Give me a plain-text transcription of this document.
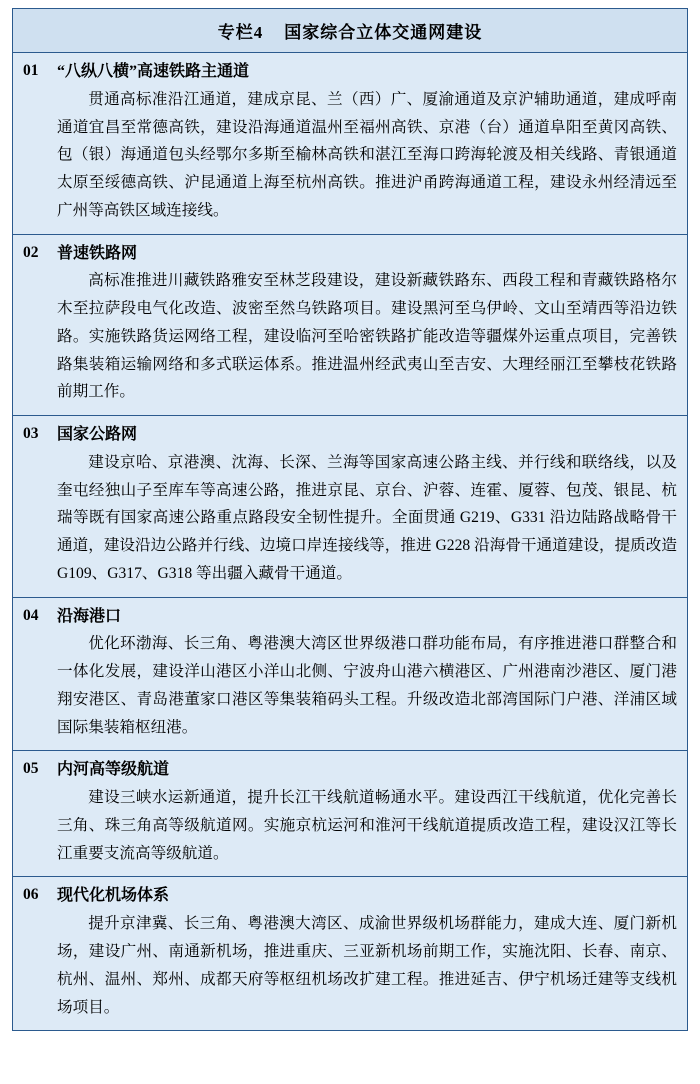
专栏4 国家综合立体交通网建设

01	“八纵八横”高速铁路主通道
贯通高标准沿江通道，建成京昆、兰（西）广、厦渝通道及京沪辅助通道，建成呼南通道宜昌至常德高铁，建设沿海通道温州至福州高铁、京港（台）通道阜阳至黄冈高铁、包（银）海通道包头经鄂尔多斯至榆林高铁和湛江至海口跨海轮渡及相关线路、青银通道太原至绥德高铁、沪昆通道上海至杭州高铁。推进沪甬跨海通道工程，建设永州经清远至广州等高铁区域连接线。

02	普速铁路网
高标准推进川藏铁路雅安至林芝段建设，建设新藏铁路东、西段工程和青藏铁路格尔木至拉萨段电气化改造、波密至然乌铁路项目。建设黑河至乌伊岭、文山至靖西等沿边铁路。实施铁路货运网络工程，建设临河至哈密铁路扩能改造等疆煤外运重点项目，完善铁路集装箱运输网络和多式联运体系。推进温州经武夷山至吉安、大理经丽江至攀枝花铁路前期工作。

03	国家公路网
建设京哈、京港澳、沈海、长深、兰海等国家高速公路主线、并行线和联络线，以及奎屯经独山子至库车等高速公路，推进京昆、京台、沪蓉、连霍、厦蓉、包茂、银昆、杭瑞等既有国家高速公路重点路段安全韧性提升。全面贯通 G219、G331 沿边陆路战略骨干通道，建设沿边公路并行线、边境口岸连接线等，推进 G228 沿海骨干通道建设，提质改造 G109、G317、G318 等出疆入藏骨干通道。

04	沿海港口
优化环渤海、长三角、粤港澳大湾区世界级港口群功能布局，有序推进港口群整合和一体化发展，建设洋山港区小洋山北侧、宁波舟山港六横港区、广州港南沙港区、厦门港翔安港区、青岛港董家口港区等集装箱码头工程。升级改造北部湾国际门户港、洋浦区域国际集装箱枢纽港。

05	内河高等级航道
建设三峡水运新通道，提升长江干线航道畅通水平。建设西江干线航道，优化完善长三角、珠三角高等级航道网。实施京杭运河和淮河干线航道提质改造工程，建设汉江等长江重要支流高等级航道。

06	现代化机场体系
提升京津冀、长三角、粤港澳大湾区、成渝世界级机场群能力，建成大连、厦门新机场，建设广州、南通新机场，推进重庆、三亚新机场前期工作，实施沈阳、长春、南京、杭州、温州、郑州、成都天府等枢纽机场改扩建工程。推进延吉、伊宁机场迁建等支线机场项目。
